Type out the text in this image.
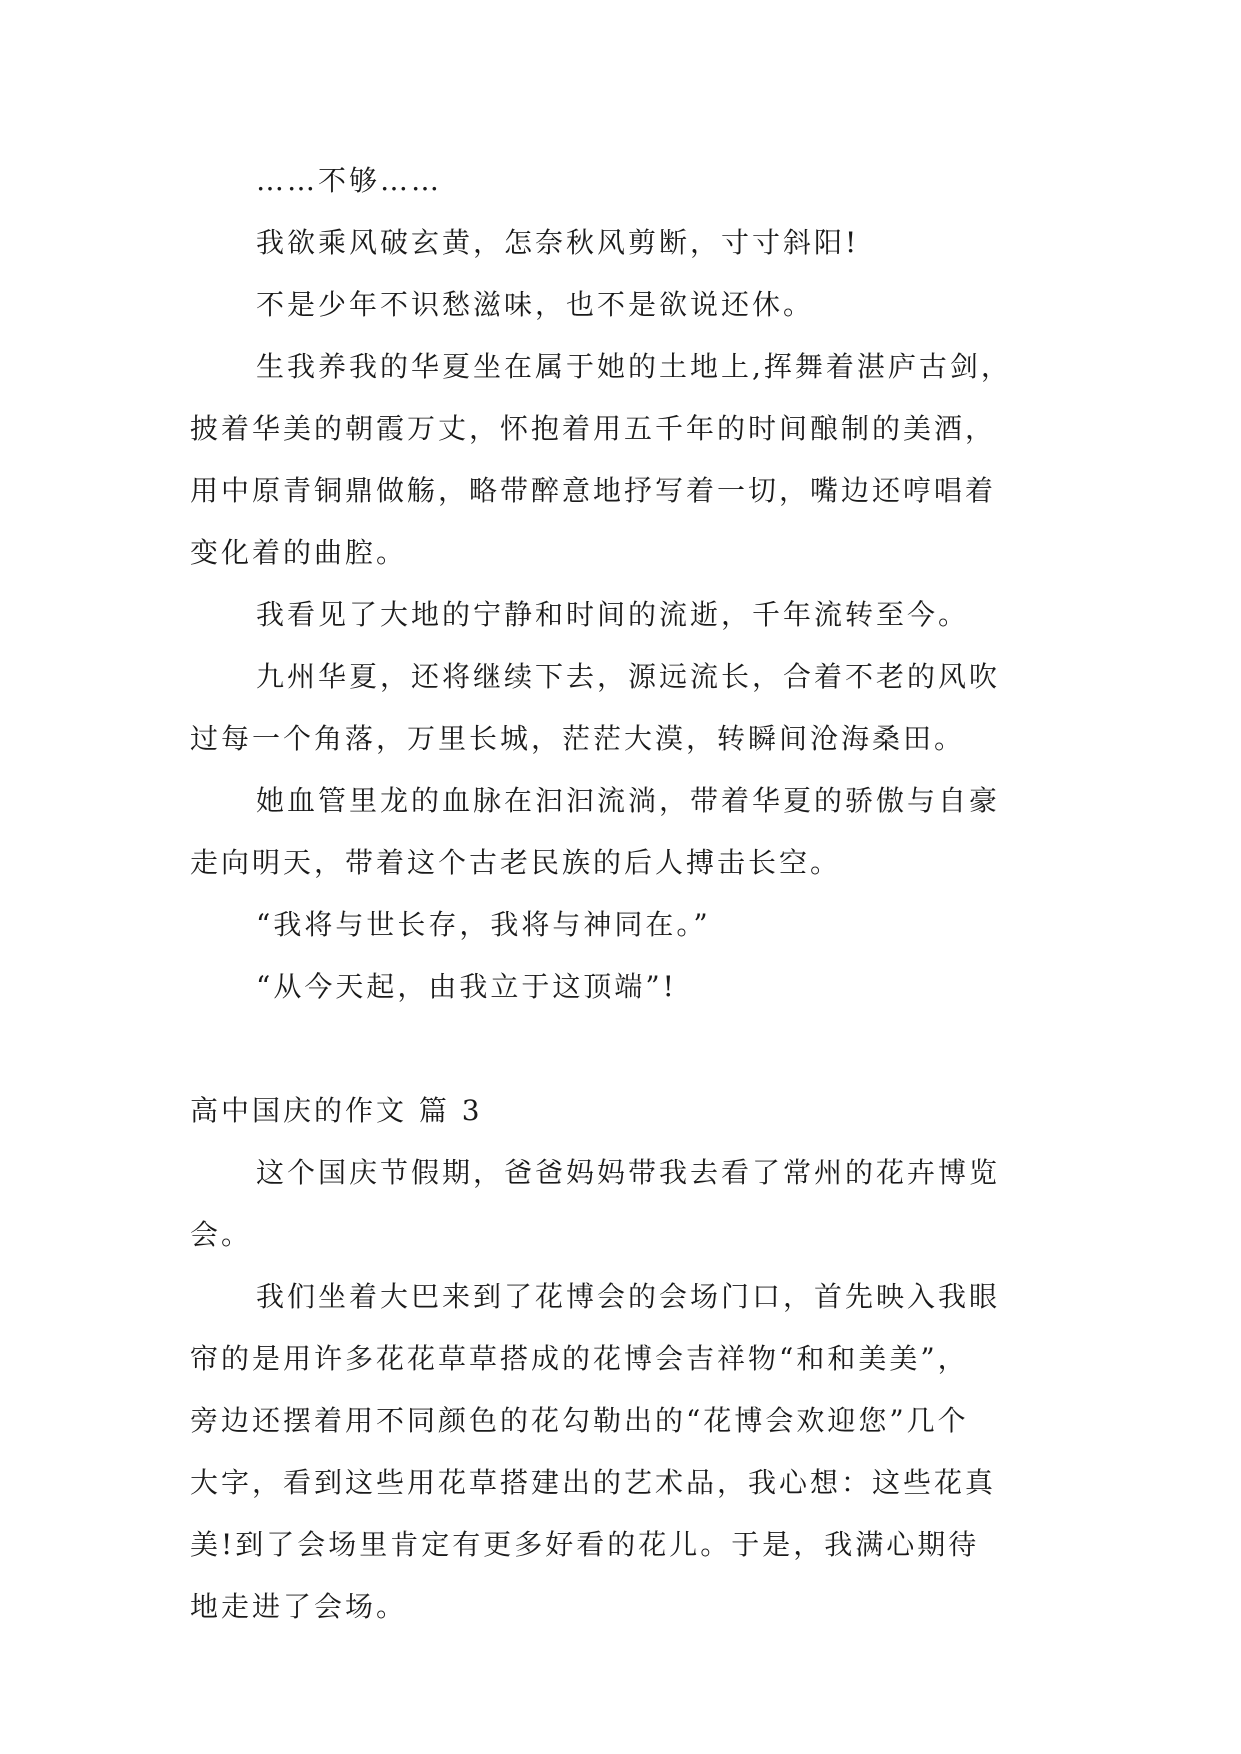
……不够……
我欲乘风破玄黄，怎奈秋风剪断，寸寸斜阳!
不是少年不识愁滋味，也不是欲说还休。
生我养我的华夏坐在属于她的土地上,挥舞着湛庐古剑，
披着华美的朝霞万丈，怀抱着用五千年的时间酿制的美酒，
用中原青铜鼎做觞，略带醉意地抒写着一切，嘴边还哼唱着
变化着的曲腔。
我看见了大地的宁静和时间的流逝，千年流转至今。
九州华夏，还将继续下去，源远流长，合着不老的风吹
过每一个角落，万里长城，茫茫大漠，转瞬间沧海桑田。
她血管里龙的血脉在汩汩流淌，带着华夏的骄傲与自豪
走向明天，带着这个古老民族的后人搏击长空。
“我将与世长存，我将与神同在。”
“从今天起，由我立于这顶端”!
高中国庆的作文 篇 3
这个国庆节假期，爸爸妈妈带我去看了常州的花卉博览
会。
我们坐着大巴来到了花博会的会场门口，首先映入我眼
帘的是用许多花花草草搭成的花博会吉祥物“和和美美”，
旁边还摆着用不同颜色的花勾勒出的“花博会欢迎您”几个
大字，看到这些用花草搭建出的艺术品，我心想：这些花真
美!到了会场里肯定有更多好看的花儿。于是，我满心期待
地走进了会场。
